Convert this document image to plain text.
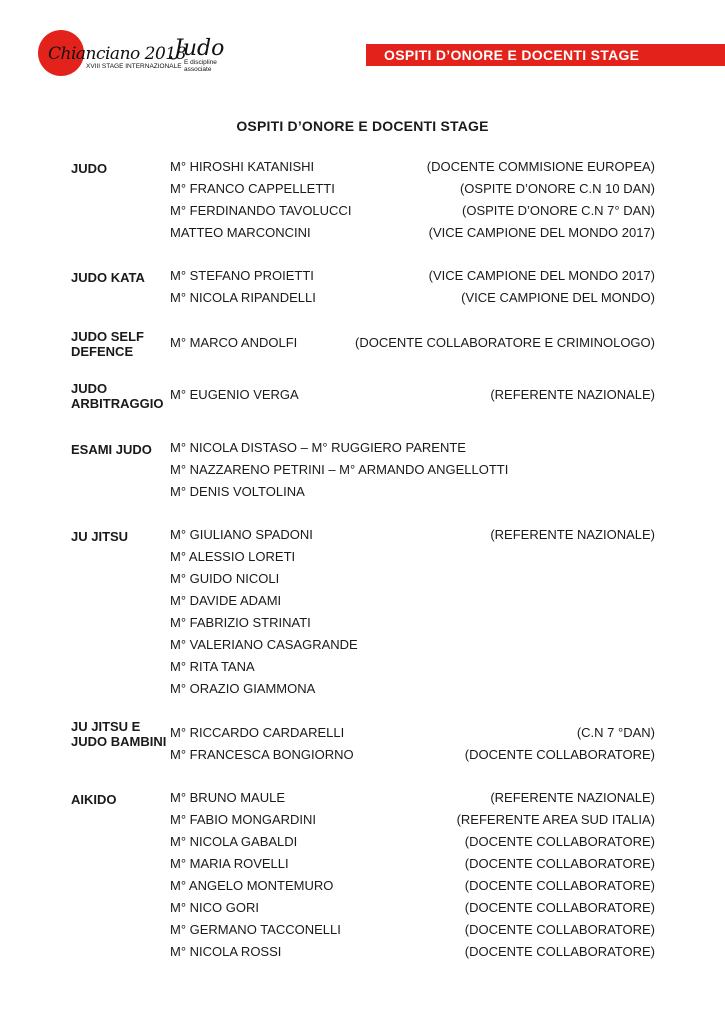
Chianciano 2018
XVIII STAGE INTERNAZIONALE
Judo
E discipline associate
OSPITI D’ONORE E DOCENTI STAGE
OSPITI D’ONORE E DOCENTI STAGE
JUDO	M° HIROSHI KATANISHI	(DOCENTE COMMISIONE EUROPEA)
M° FRANCO CAPPELLETTI	(OSPITE D’ONORE C.N 10 DAN)
M° FERDINANDO TAVOLUCCI	(OSPITE D’ONORE C.N 7° DAN)
MATTEO MARCONCINI	(VICE CAMPIONE DEL MONDO 2017)
JUDO KATA	M° STEFANO PROIETTI	(VICE CAMPIONE DEL MONDO 2017)
M° NICOLA RIPANDELLI	(VICE CAMPIONE DEL MONDO)
JUDO SELF DEFENCE
M° MARCO ANDOLFI	(DOCENTE COLLABORATORE E CRIMINOLOGO)
JUDO ARBITRAGGIO
M° EUGENIO VERGA	(REFERENTE NAZIONALE)
ESAMI JUDO	M° NICOLA DISTASO – M° RUGGIERO PARENTE
M° NAZZARENO PETRINI – M° ARMANDO ANGELLOTTI
M° DENIS VOLTOLINA
JU JITSU	M° GIULIANO SPADONI	(REFERENTE NAZIONALE)
M° ALESSIO LORETI
M° GUIDO NICOLI
M° DAVIDE ADAMI
M° FABRIZIO STRINATI
M° VALERIANO CASAGRANDE
M° RITA TANA
M° ORAZIO GIAMMONA
JU JITSU E JUDO BAMBINI
M° RICCARDO CARDARELLI	(C.N 7 °DAN)
M° FRANCESCA BONGIORNO	(DOCENTE COLLABORATORE)
AIKIDO	M° BRUNO MAULE	(REFERENTE NAZIONALE)
M° FABIO MONGARDINI	(REFERENTE AREA SUD ITALIA)
M° NICOLA GABALDI	(DOCENTE COLLABORATORE)
M° MARIA ROVELLI	(DOCENTE COLLABORATORE)
M° ANGELO MONTEMURO	(DOCENTE COLLABORATORE)
M° NICO GORI	(DOCENTE COLLABORATORE)
M° GERMANO TACCONELLI	(DOCENTE COLLABORATORE)
M° NICOLA ROSSI	(DOCENTE COLLABORATORE)
